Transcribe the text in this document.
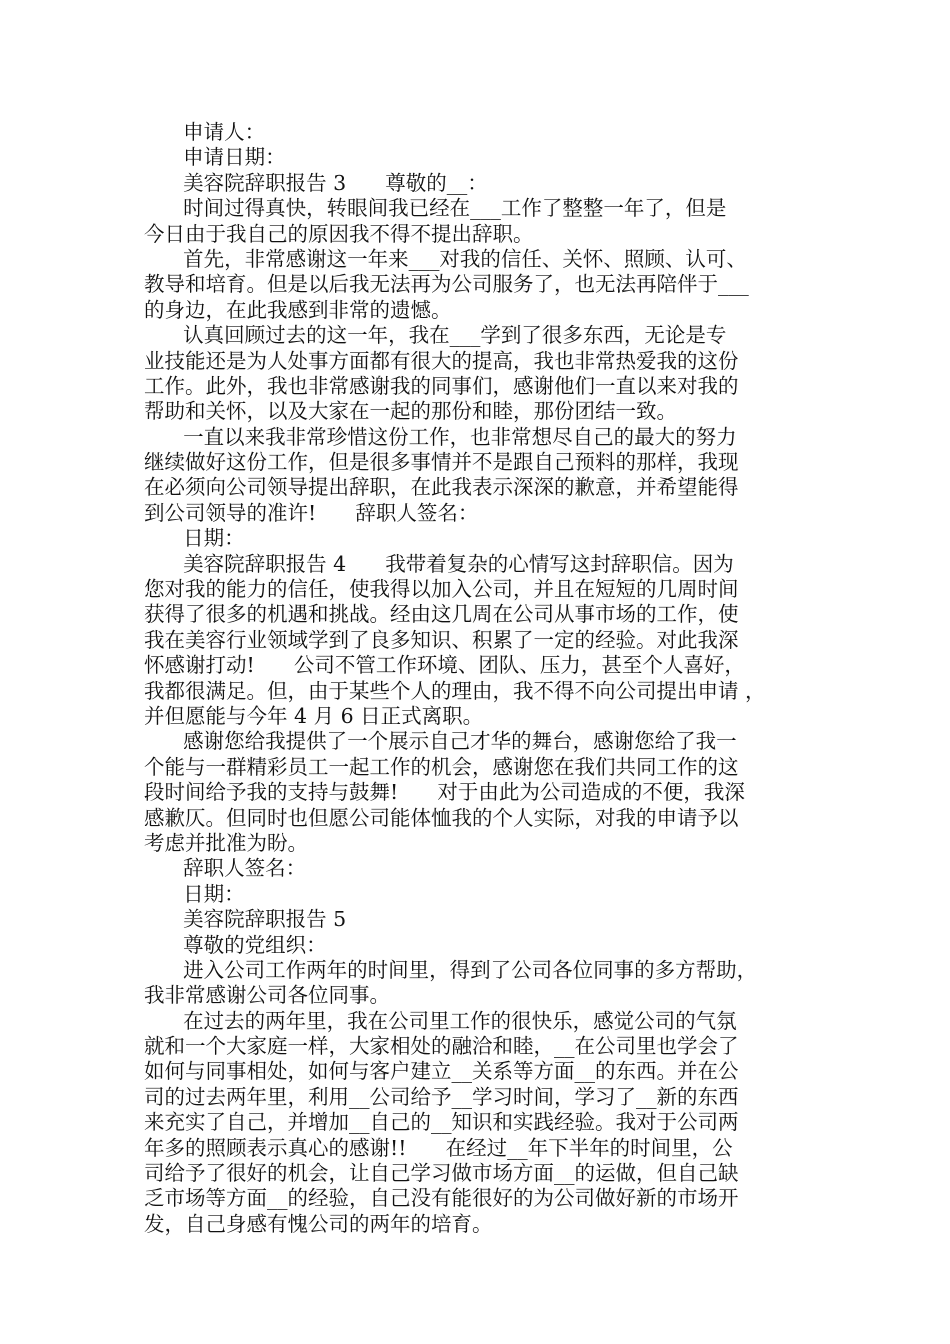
申请人：
申请日期：
美容院辞职报告 3      尊敬的__：
时间过得真快，转眼间我已经在___工作了整整一年了，但是
今日由于我自己的原因我不得不提出辞职。
首先，非常感谢这一年来___对我的信任、关怀、照顾、认可、
教导和培育。但是以后我无法再为公司服务了，也无法再陪伴于___
的身边，在此我感到非常的遗憾。
认真回顾过去的这一年，我在___学到了很多东西，无论是专
业技能还是为人处事方面都有很大的提高，我也非常热爱我的这份
工作。此外，我也非常感谢我的同事们，感谢他们一直以来对我的
帮助和关怀，以及大家在一起的那份和睦，那份团结一致。
一直以来我非常珍惜这份工作，也非常想尽自己的最大的努力
继续做好这份工作，但是很多事情并不是跟自己预料的那样，我现
在必须向公司领导提出辞职，在此我表示深深的歉意，并希望能得
到公司领导的准许!      辞职人签名：
日期：
美容院辞职报告 4      我带着复杂的心情写这封辞职信。因为
您对我的能力的信任，使我得以加入公司，并且在短短的几周时间
获得了很多的机遇和挑战。经由这几周在公司从事市场的工作，使
我在美容行业领域学到了良多知识、积累了一定的经验。对此我深
怀感谢打动!      公司不管工作环境、团队、压力，甚至个人喜好，
我都很满足。但，由于某些个人的理由，我不得不向公司提出申请 ，
并但愿能与今年 4 月 6 日正式离职。
感谢您给我提供了一个展示自己才华的舞台，感谢您给了我一
个能与一群精彩员工一起工作的机会，感谢您在我们共同工作的这
段时间给予我的支持与鼓舞!      对于由此为公司造成的不便，我深
感歉仄。但同时也但愿公司能体恤我的个人实际，对我的申请予以
考虑并批准为盼。
辞职人签名：
日期：
美容院辞职报告 5
尊敬的党组织：
进入公司工作两年的时间里，得到了公司各位同事的多方帮助，
我非常感谢公司各位同事。
在过去的两年里，我在公司里工作的很快乐，感觉公司的气氛
就和一个大家庭一样，大家相处的融洽和睦，__在公司里也学会了
如何与同事相处，如何与客户建立__关系等方面__的东西。并在公
司的过去两年里，利用__公司给予__学习时间，学习了__新的东西
来充实了自己，并增加__自己的__知识和实践经验。我对于公司两
年多的照顾表示真心的感谢!!      在经过__年下半年的时间里，公
司给予了很好的机会，让自己学习做市场方面__的运做，但自己缺
乏市场等方面__的经验，自己没有能很好的为公司做好新的市场开
发，自己身感有愧公司的两年的培育。
